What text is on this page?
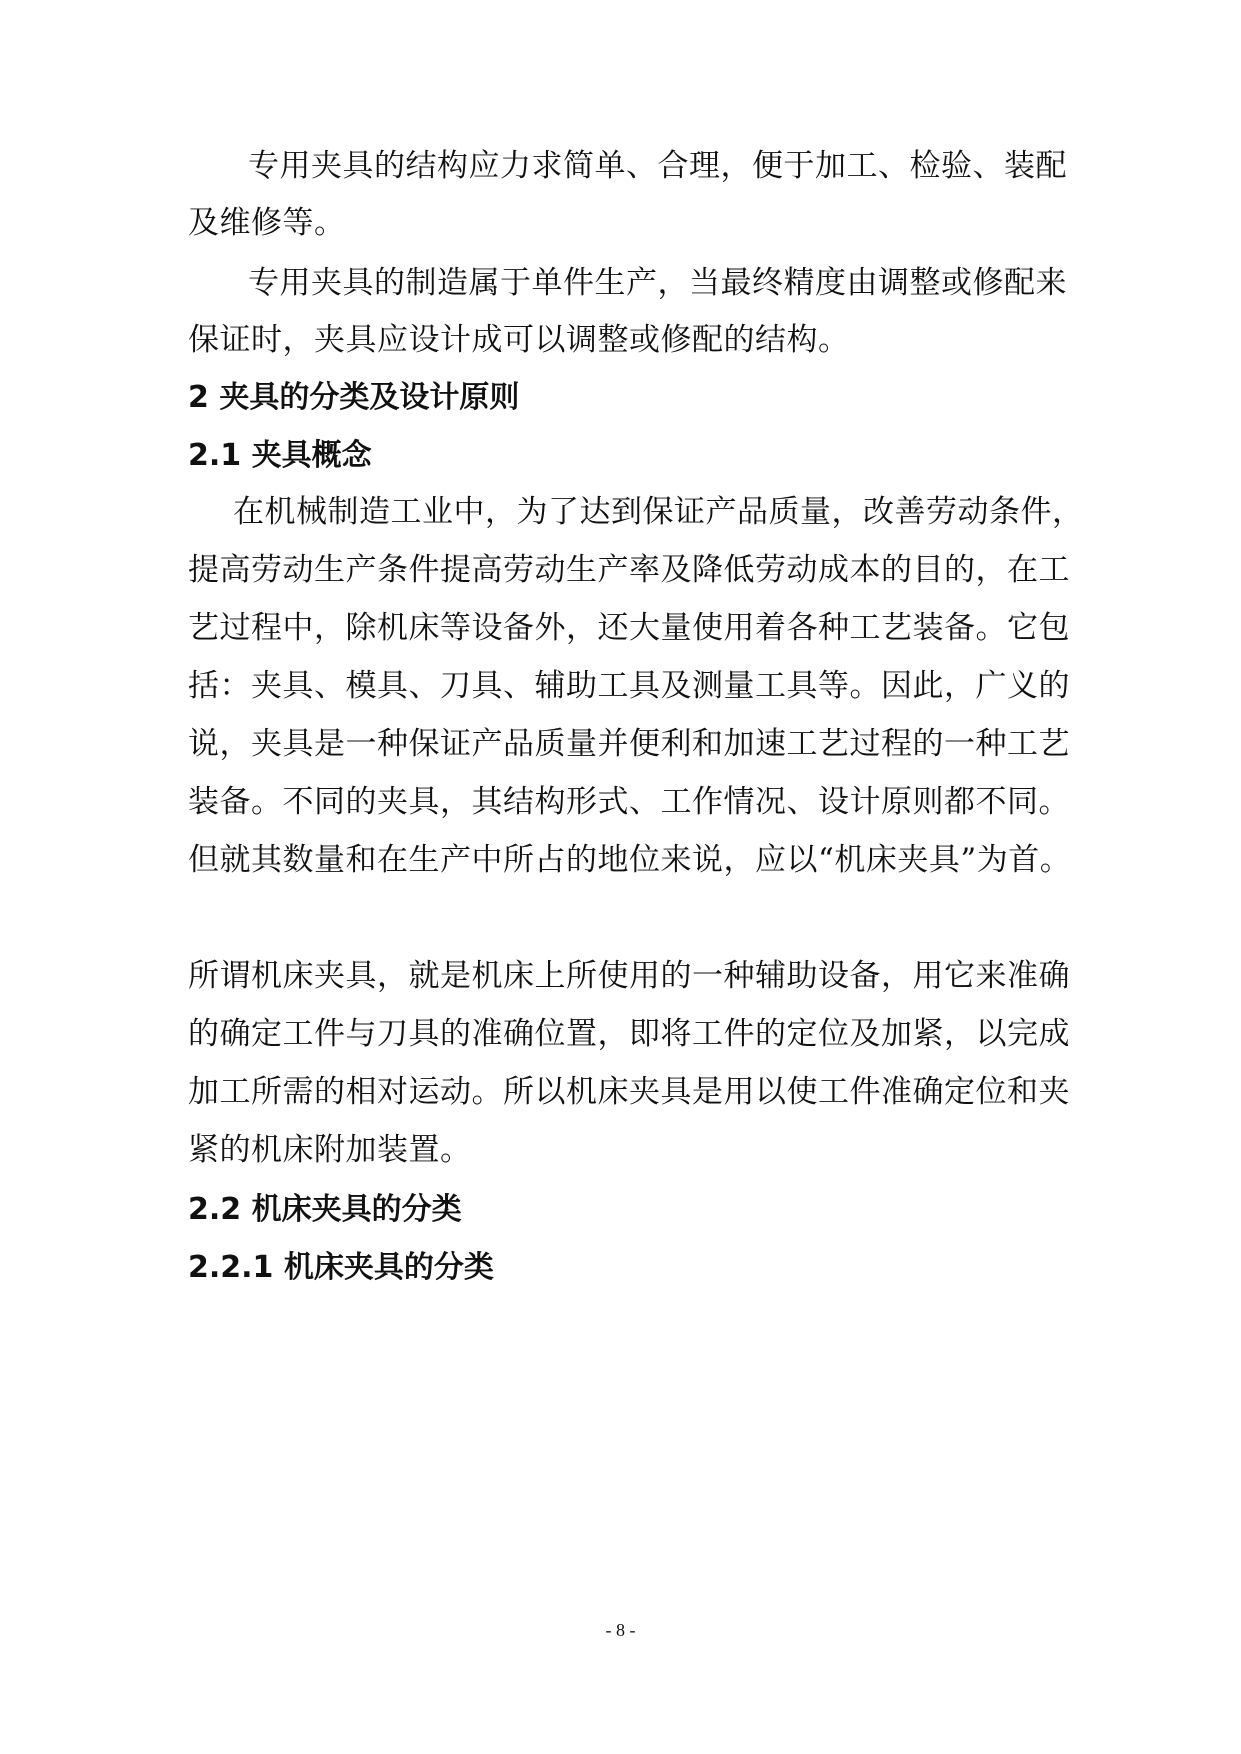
专用夹具的结构应力求简单、合理，便于加工、检验、装配
及维修等。
专用夹具的制造属于单件生产，当最终精度由调整或修配来
保证时，夹具应设计成可以调整或修配的结构。
2 夹具的分类及设计原则
2.1 夹具概念
在机械制造工业中，为了达到保证产品质量，改善劳动条件，
提高劳动生产条件提高劳动生产率及降低劳动成本的目的，在工
艺过程中，除机床等设备外，还大量使用着各种工艺装备。它包
括：夹具、模具、刀具、辅助工具及测量工具等。因此，广义的
说，夹具是一种保证产品质量并便利和加速工艺过程的一种工艺
装备。不同的夹具，其结构形式、工作情况、设计原则都不同。
但就其数量和在生产中所占的地位来说，应以“机床夹具”为首。
所谓机床夹具，就是机床上所使用的一种辅助设备，用它来准确
的确定工件与刀具的准确位置，即将工件的定位及加紧，以完成
加工所需的相对运动。所以机床夹具是用以使工件准确定位和夹
紧的机床附加装置。
2.2 机床夹具的分类
2.2.1 机床夹具的分类
- 8 -
